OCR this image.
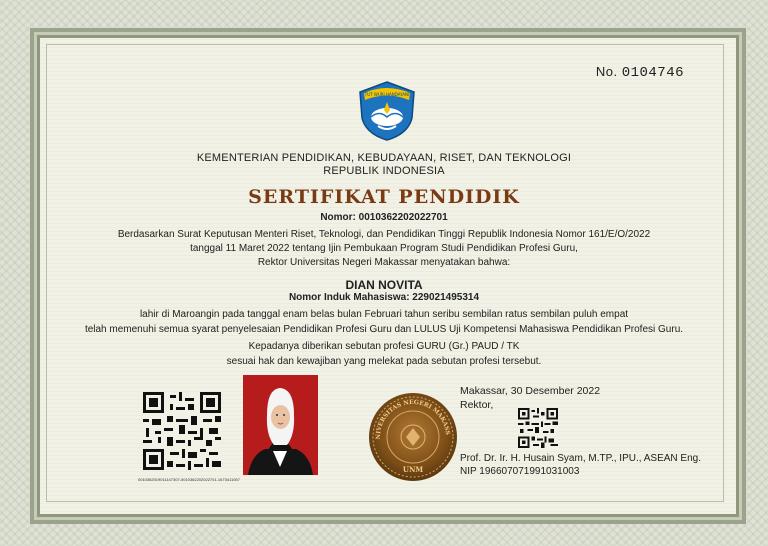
No. 0104746
TUT WURI HANDAYANI
KEMENTERIAN PENDIDIKAN, KEBUDAYAAN, RISET, DAN TEKNOLOGI
REPUBLIK INDONESIA
SERTIFIKAT PENDIDIK
Nomor: 0010362202022701
Berdasarkan Surat Keputusan Menteri Riset, Teknologi, dan Pendidikan Tinggi Republik Indonesia Nomor 161/E/O/2022
tanggal 11 Maret 2022 tentang Ijin Pembukaan Program Studi Pendidikan Profesi Guru,
Rektor Universitas Negeri Makassar menyatakan bahwa:
DIAN NOVITA
Nomor Induk Mahasiswa: 229021495314
lahir di Maroangin pada tanggal enam belas bulan Februari tahun seribu sembilan ratus sembilan puluh empat
telah memenuhi semua syarat penyelesaian Pendidikan Profesi Guru dan LULUS Uji Kompetensi Mahasiswa Pendidikan Profesi Guru.
Kepadanya diberikan sebutan profesi GURU (Gr.) PAUD / TK
sesuai hak dan kewajiban yang melekat pada sebutan profesi tersebut.
0010362019011147307-0010362202022701-1673411057
NIVERSITAS NEGERI MAKASS
UNM
Makassar, 30 Desember 2022
Rektor,
Prof. Dr. Ir. H. Husain Syam, M.TP., IPU., ASEAN Eng.
NIP 196607071991031003
